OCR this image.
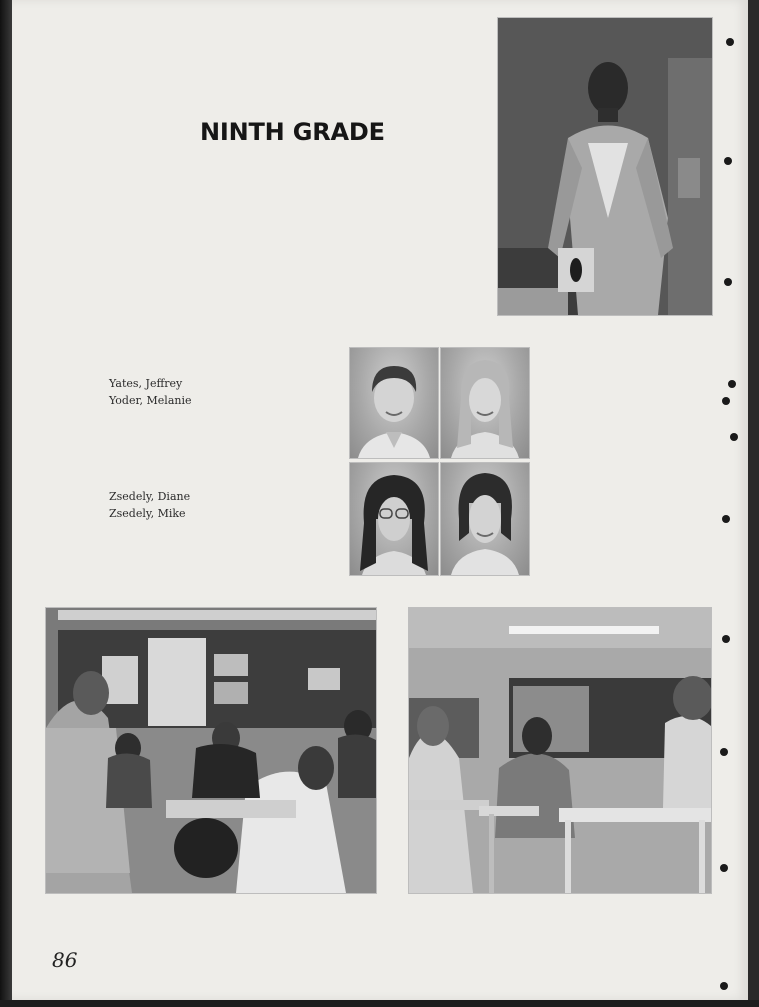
NINTH GRADE
Yates, Jeffrey
Yoder, Melanie
Zsedely, Diane
Zsedely, Mike

86
